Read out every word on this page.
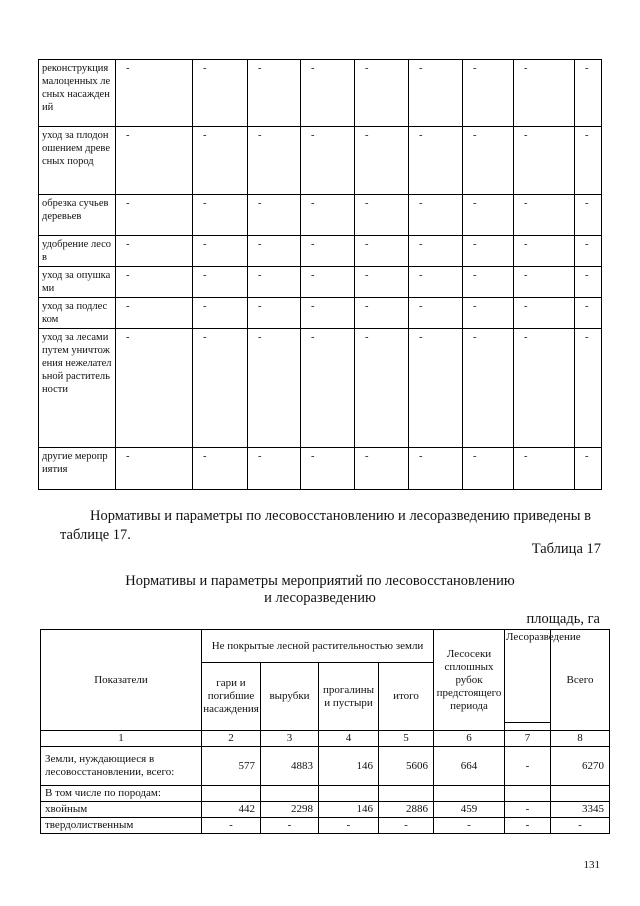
реконструкция малоценных лесных насаждений	-	-	-	-	-	-	-	-	-
уход за плодоношением древесных пород	-	-	-	-	-	-	-	-	-
обрезка сучьев деревьев	-	-	-	-	-	-	-	-	-
удобрение лесов	-	-	-	-	-	-	-	-	-
уход за опушками	-	-	-	-	-	-	-	-	-
уход за подлеском	-	-	-	-	-	-	-	-	-
уход за лесами путем уничтожения нежелательной растительности	-	-	-	-	-	-	-	-	-
другие мероприятия	-	-	-	-	-	-	-	-	-
Нормативы и параметры по лесовосстановлению и лесоразведению приведены в таблице 17.
Таблица 17
Нормативы и параметры мероприятий по лесовосстановлению
и лесоразведению
площадь, га
Показатели	Не покрытые лесной растительностью земли				Лесосеки сплошных рубок предстоящего периода	Лесоразведение	Всего
	гари и погибшие насаждения	вырубки	прогалины и пустыри	итого			

1	2	3	4	5	6	7	8
Земли, нуждающиеся в лесовосстановлении, всего:	577	4883	146	5606	664	-	6270
В том числе по породам:							
хвойным	442	2298	146	2886	459	-	3345
твердолиственным	-	-	-	-	-	-	-
131
